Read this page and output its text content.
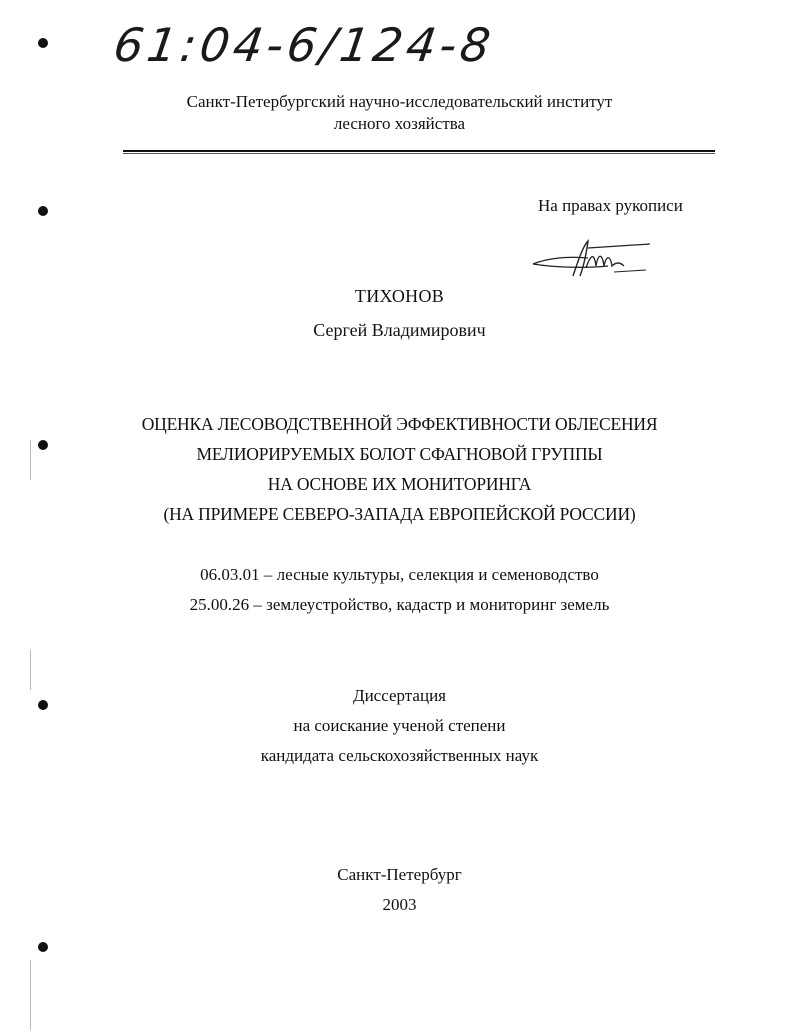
61:04-6/124-8
Санкт-Петербургский научно-исследовательский институт
лесного хозяйства
На правах рукописи
ТИХОНОВ
Сергей Владимирович
ОЦЕНКА ЛЕСОВОДСТВЕННОЙ ЭФФЕКТИВНОСТИ ОБЛЕСЕНИЯ
МЕЛИОРИРУЕМЫХ БОЛОТ СФАГНОВОЙ ГРУППЫ
НА ОСНОВЕ ИХ МОНИТОРИНГА
(НА ПРИМЕРЕ СЕВЕРО-ЗАПАДА ЕВРОПЕЙСКОЙ РОССИИ)
06.03.01 – лесные культуры, селекция и семеноводство
25.00.26 – землеустройство, кадастр и мониторинг земель
Диссертация
на соискание ученой степени
кандидата сельскохозяйственных наук
Санкт-Петербург
2003
